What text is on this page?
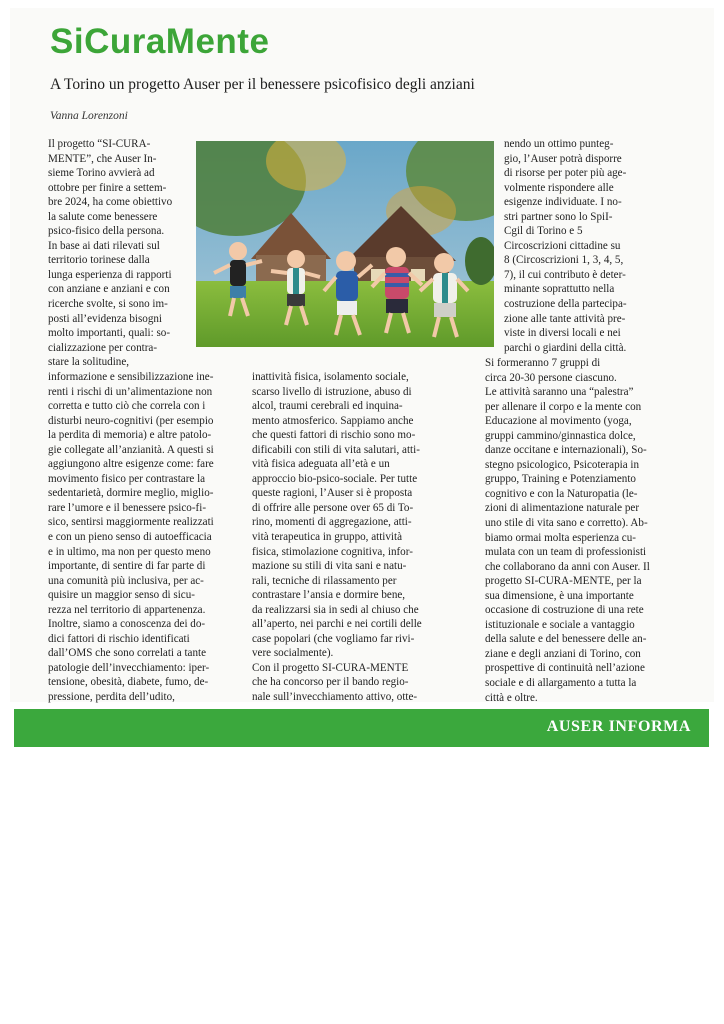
SiCuraMente
A Torino un progetto Auser per il benessere psicofisico degli anziani
Vanna Lorenzoni
Il progetto “SI-CURA-
MENTE”, che Auser In-
sieme Torino avvierà ad
ottobre per finire a settem-
bre 2024, ha come obiettivo
la salute come benessere
psico-fisico della persona.
In base ai dati rilevati sul
territorio torinese dalla
lunga esperienza di rapporti
con anziane e anziani e con
ricerche svolte, si sono im-
posti all’evidenza bisogni
molto importanti, quali: so-
cializzazione per contra-
stare la solitudine,
informazione e sensibilizzazione ine-
renti i rischi di un’alimentazione non
corretta e tutto ciò che correla con i
disturbi neuro-cognitivi (per esempio
la perdita di memoria) e altre patolo-
gie collegate all’anzianità. A questi si
aggiungono altre esigenze come: fare
movimento fisico per contrastare la
sedentarietà, dormire meglio, miglio-
rare l’umore e il benessere psico-fi-
sico, sentirsi maggiormente realizzati
e con un pieno senso di autoefficacia
e in ultimo, ma non per questo meno
importante, di sentire di far parte di
una comunità più inclusiva, per ac-
quisire un maggior senso di sicu-
rezza nel territorio di appartenenza.
Inoltre, siamo a conoscenza dei do-
dici fattori di rischio identificati
dall’OMS che sono correlati a tante
patologie dell’invecchiamento: iper-
tensione, obesità, diabete, fumo, de-
pressione, perdita dell’udito,
inattività fisica, isolamento sociale,
scarso livello di istruzione, abuso di
alcol, traumi cerebrali ed inquina-
mento atmosferico. Sappiamo anche
che questi fattori di rischio sono mo-
dificabili con stili di vita salutari, atti-
vità fisica adeguata all’età e un
approccio bio-psico-sociale. Per tutte
queste ragioni, l’Auser si è proposta
di offrire alle persone over 65 di To-
rino, momenti di aggregazione, atti-
vità terapeutica in gruppo, attività
fisica, stimolazione cognitiva, infor-
mazione su stili di vita sani e natu-
rali, tecniche di rilassamento per
contrastare l’ansia e dormire bene,
da realizzarsi sia in sedi al chiuso che
all’aperto, nei parchi e nei cortili delle
case popolari (che vogliamo far rivi-
vere socialmente).
Con il progetto SI-CURA-MENTE
che ha concorso per il bando regio-
nale sull’invecchiamento attivo, otte-
nendo un ottimo punteg-
gio, l’Auser potrà disporre
di risorse per poter più age-
volmente rispondere alle
esigenze individuate. I no-
stri partner sono lo SpiI-
Cgil di Torino e 5
Circoscrizioni cittadine su
8 (Circoscrizioni 1, 3, 4, 5,
7), il cui contributo è deter-
minante soprattutto nella
costruzione della partecipa-
zione alle tante attività pre-
viste in diversi locali e nei
parchi o giardini della città.
Si formeranno 7 gruppi di
circa 20-30 persone ciascuno.
Le attività saranno una “palestra”
per allenare il corpo e la mente con
Educazione al movimento (yoga,
gruppi cammino/ginnastica dolce,
danze occitane e internazionali), So-
stegno psicologico, Psicoterapia in
gruppo, Training e Potenziamento
cognitivo e con la Naturopatia (le-
zioni di alimentazione naturale per
uno stile di vita sano e corretto). Ab-
biamo ormai molta esperienza cu-
mulata con un team di professionisti
che collaborano da anni con Auser. Il
progetto SI-CURA-MENTE, per la
sua dimensione, è una importante
occasione di costruzione di una rete
istituzionale e sociale a vantaggio
della salute e del benessere delle an-
ziane e degli anziani di Torino, con
prospettive di continuità nell’azione
sociale e di allargamento a tutta la
città e oltre.
AUSER INFORMA
